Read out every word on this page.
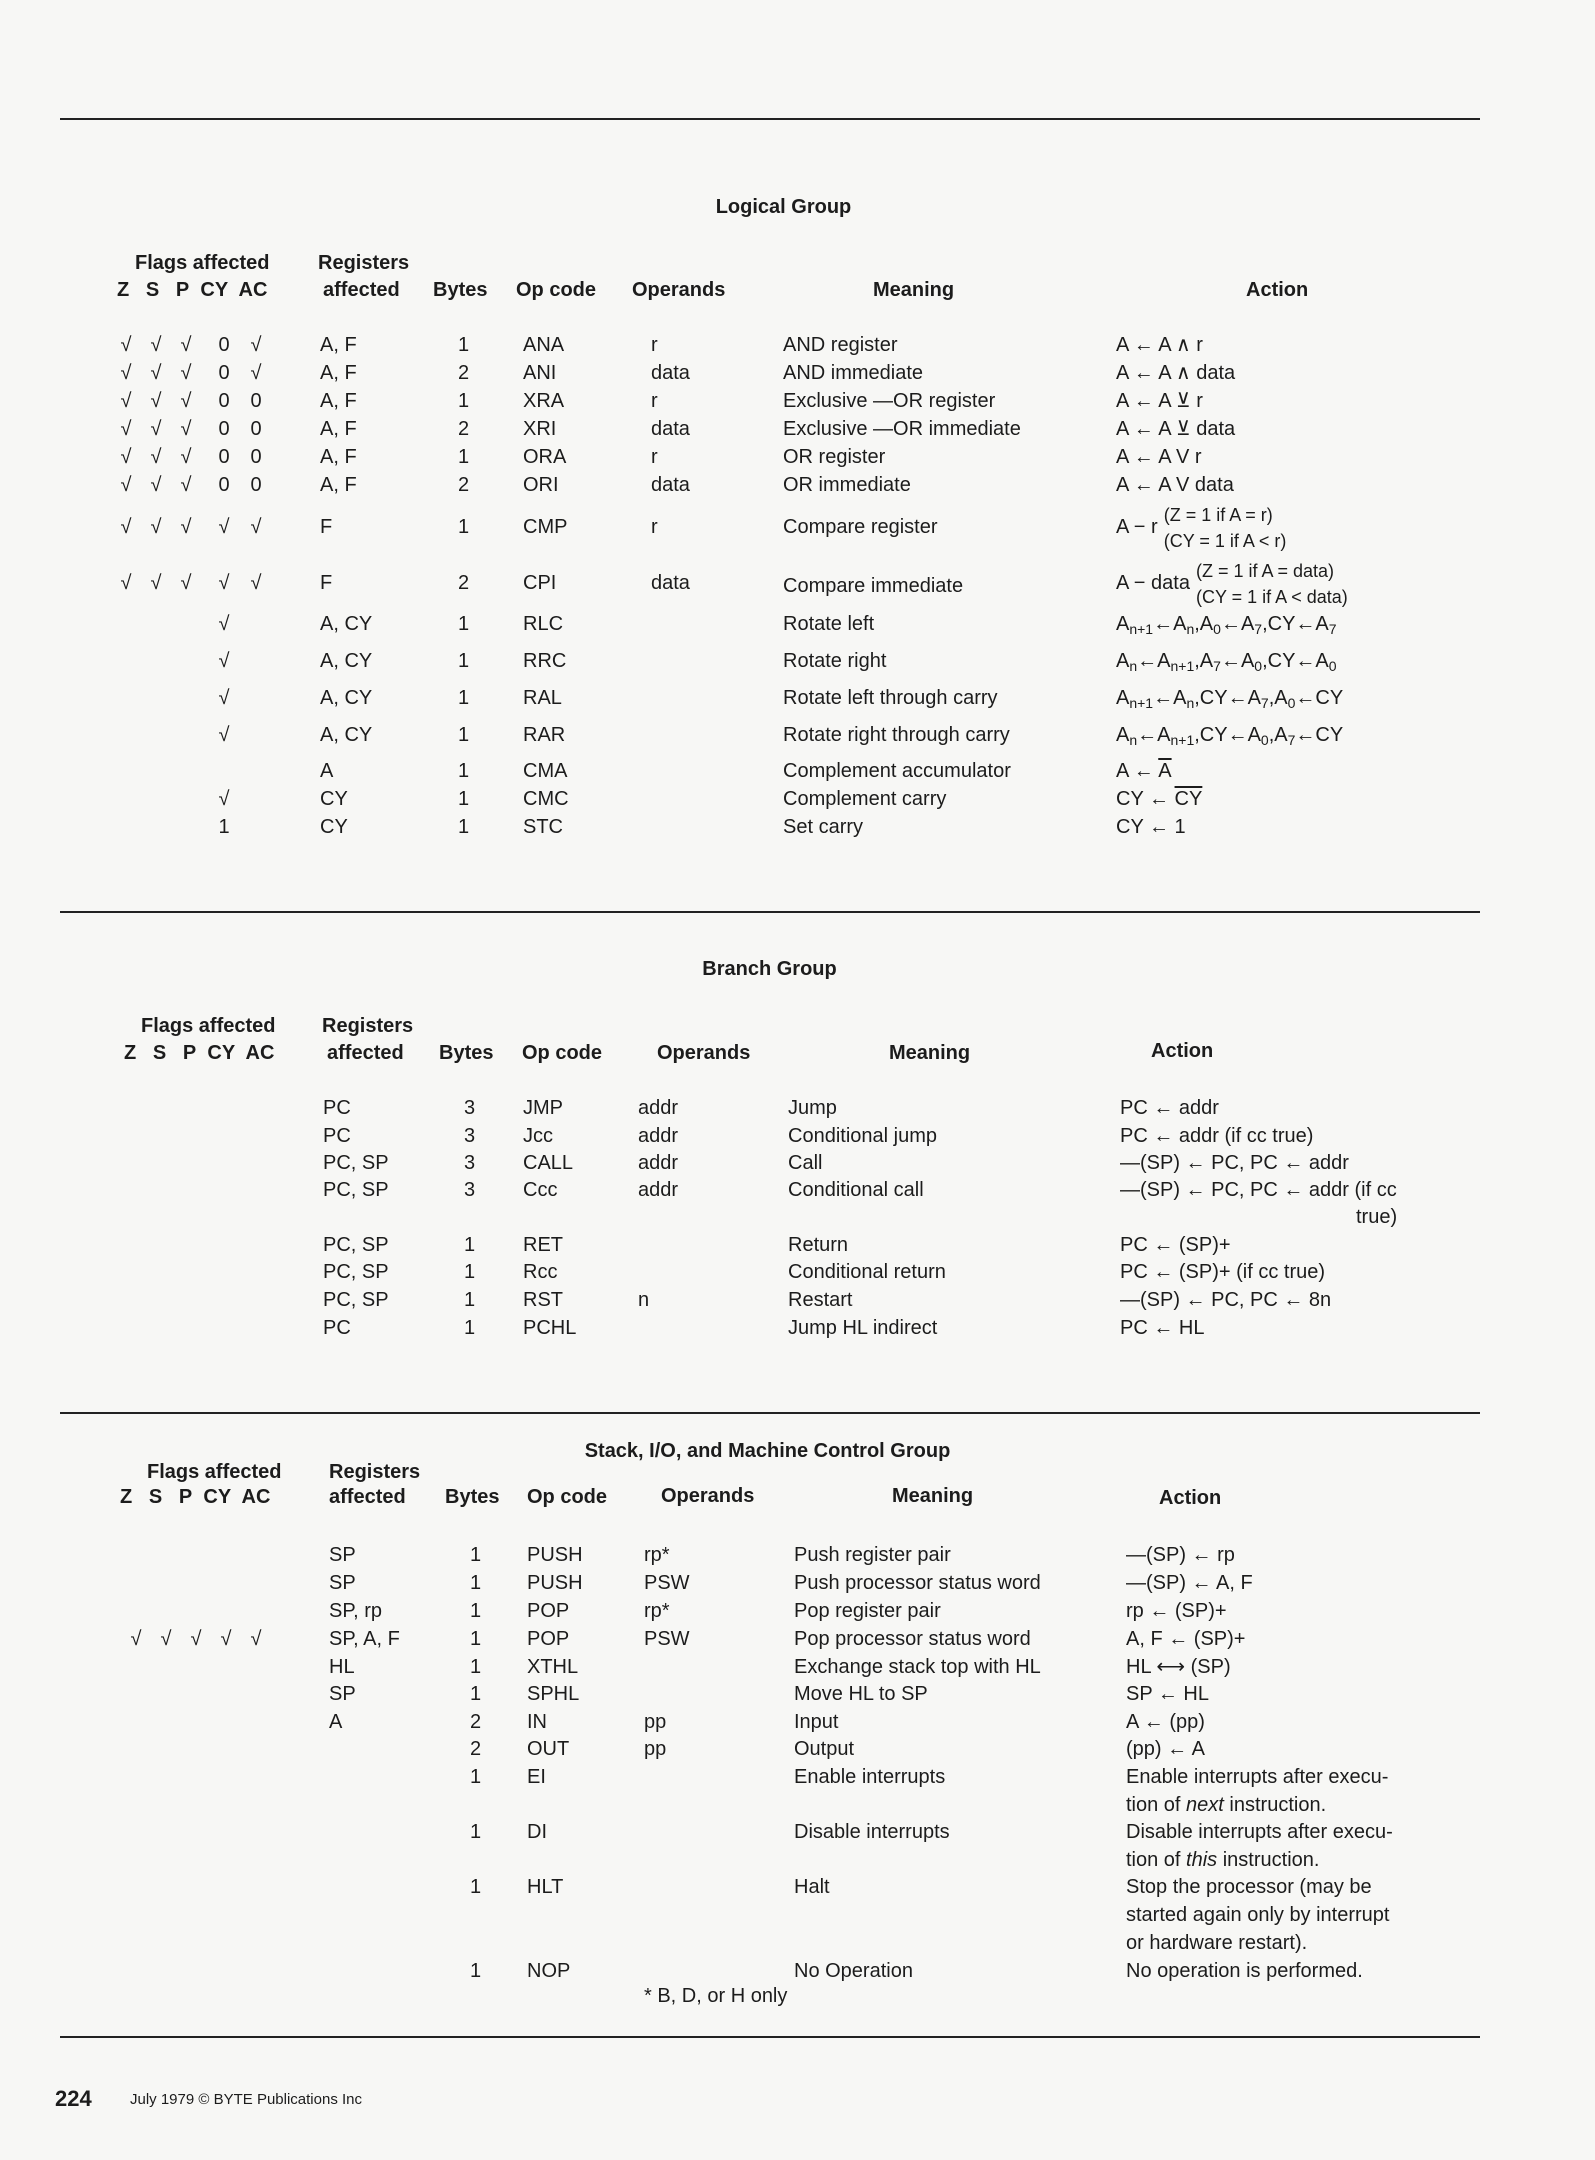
Logical Group
Flags affected
Z S P CY AC
Registers
affected Bytes Op code Operands	Meaning	Action
√ √ √	0	√	A, F	1	ANA	r	AND register	A ← A ∧ r
√ √ √	0	√	A, F	2	ANI	data	AND immediate	A ← A ∧ data
√ √ √	0	0	A, F	1	XRA	r	Exclusive —OR register	A ← A ⊻ r
√ √ √	0	0	A, F	2	XRI	data	Exclusive —OR immediate	A ← A ⊻ data
√ √ √	0	0	A, F	1	ORA	r	OR register	A ← A V r
√ √ √	0	0	A, F	2	ORI	data	OR immediate	A ← A V data
√ √ √	√	√	F	1	CMP	r	Compare register	A − r(Z = 1 if A = r)
(CY = 1 if A < r)
√ √ √	√	√	F	2	CPI	data	Compare immediate	A − data(Z = 1 if A = data)
(CY = 1 if A < data)
√	A, CY	1	RLC	Rotate left	$A_{n+1}\leftarrow A_n,A_0\leftarrow A_7,CY\leftarrow A_7$
√	A, CY	1	RRC	Rotate right	$A_n\leftarrow A_{n+1},A_7\leftarrow A_0,CY\leftarrow A_0$
√	A, CY	1	RAL	Rotate left through carry	$A_{n+1}\leftarrow A_n,CY\leftarrow A_7,A_0\leftarrow CY$
√	A, CY	1	RAR	Rotate right through carry	$A_n\leftarrow A_{n+1},CY\leftarrow A_0,A_7\leftarrow CY$
A	1	CMA	Complement accumulator	A ← $\overline{A}$
√	CY	1	CMC	Complement carry	CY ← $\overline{CY}$
1	CY	1	STC	Set carry	CY ← 1
Branch Group
Flags affected
Z S P CY AC
Registers
affected Bytes Op code	Operands	Meaning	Action
PC	3 JMP	addr	Jump	PC ← addr
PC	3 Jcc	addr	Conditional jump	PC ← addr (if cc true)
PC, SP	3 CALL	addr	Call	—(SP) ← PC, PC ← addr
PC, SP	3 Ccc	addr	Conditional call	—(SP) ← PC, PC ← addr (if cc
true)
PC, SP	1 RET	Return	PC ← (SP)+
PC, SP	1 Rcc	Conditional return	PC ← (SP)+ (if cc true)
PC, SP	1 RST	n	Restart	—(SP) ← PC, PC ← 8n
PC	1 PCHL	Jump HL indirect	PC ← HL
Stack, I/O, and Machine Control Group
Flags affected
Z S P CY AC
Registers
affected Bytes Op code	Operands	Meaning	Action
SP	1 PUSH	rp*	Push register pair	—(SP) ← rp
SP	1 PUSH	PSW	Push processor status word	—(SP) ← A, F
SP, rp	1 POP	rp*	Pop register pair	rp ← (SP)+
√ √ √ √ √	SP, A, F	1 POP	PSW	Pop processor status word	A, F ← (SP)+
HL	1 XTHL	Exchange stack top with HL	HL ⟷ (SP)
SP	1 SPHL	Move HL to SP	SP ← HL
A	2 IN	pp	Input	A ← (pp)
2 OUT	pp	Output	(pp) ← A
1 EI	Enable interrupts	Enable interrupts after execu-
tion of next instruction.
1 DI	Disable interrupts	Disable interrupts after execu-
tion of this instruction.
1 HLT	Halt	Stop the processor (may be
started again only by interrupt
or hardware restart).
1 NOP	No Operation	No operation is performed.
* B, D, or H only
224	July 1979 © BYTE Publications Inc
